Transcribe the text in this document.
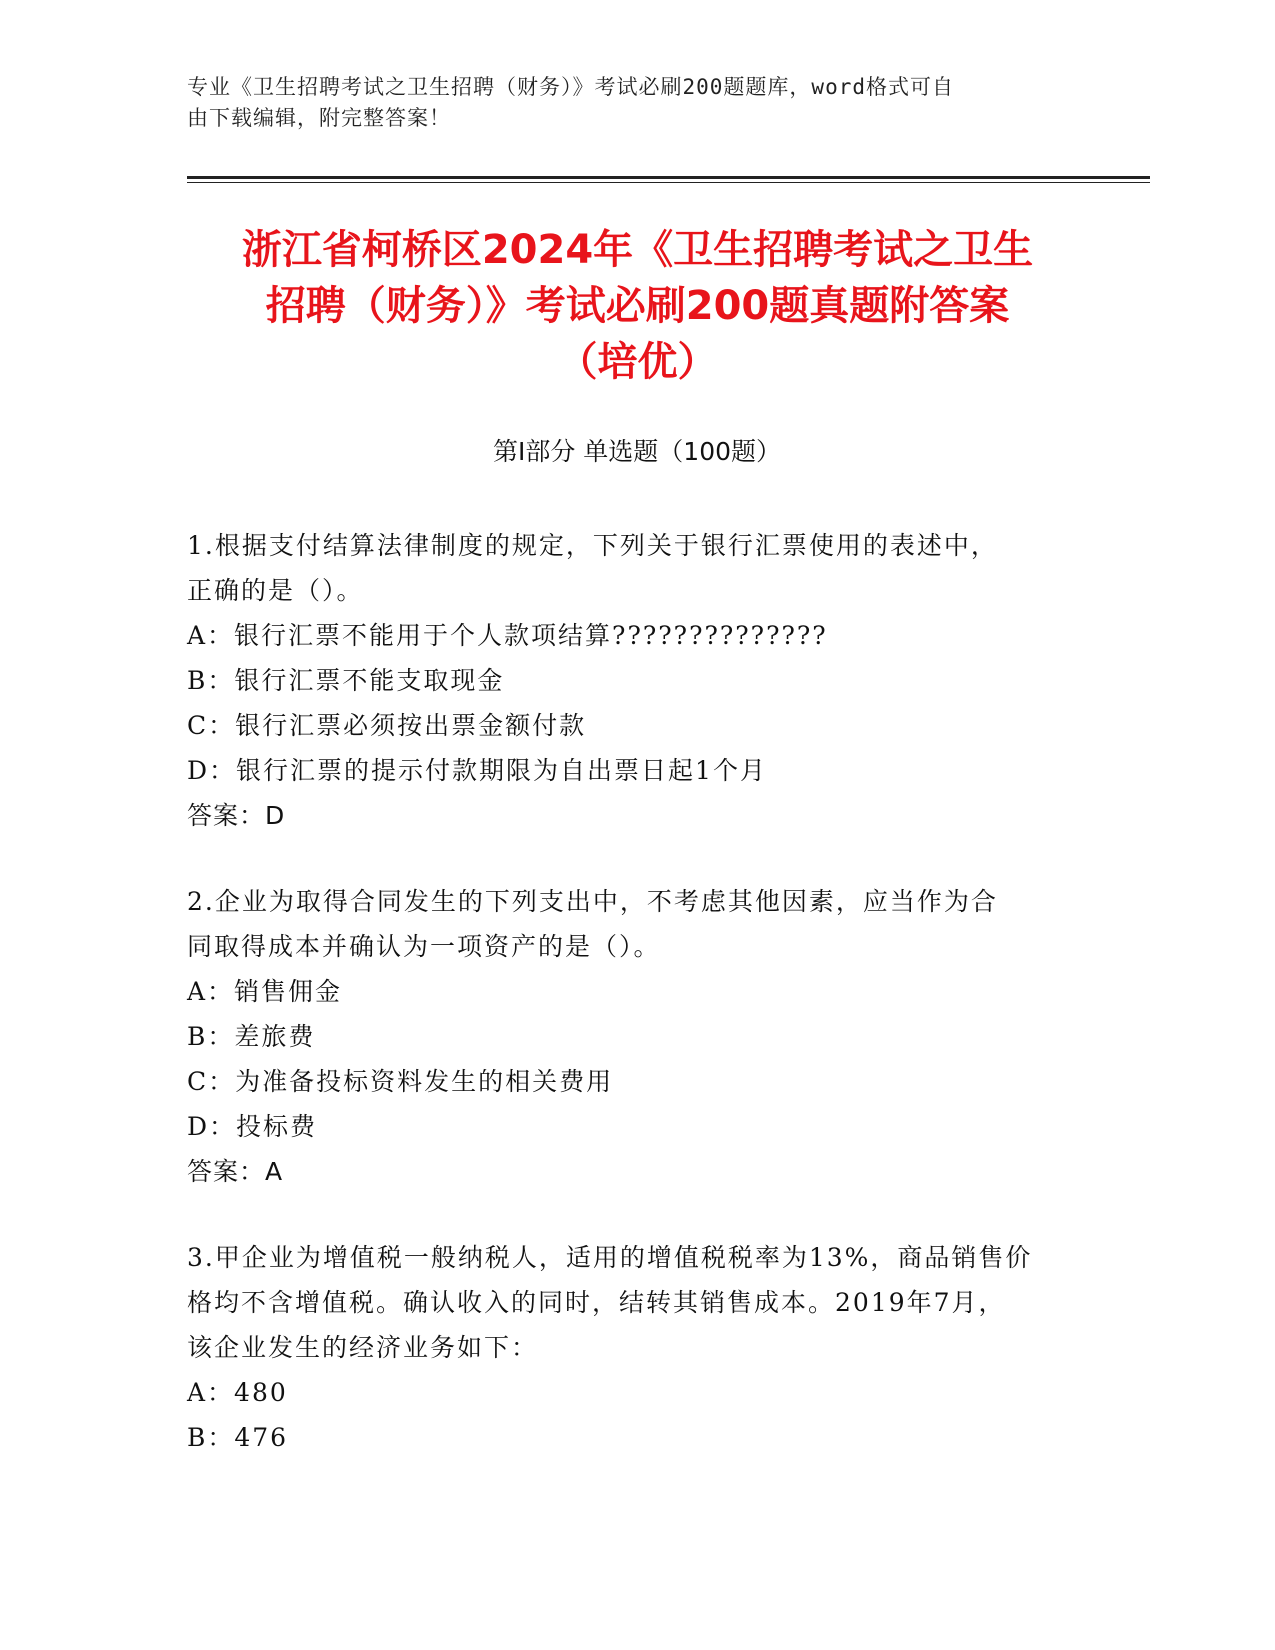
专业《卫生招聘考试之卫生招聘（财务）》考试必刷200题题库，word格式可自
由下载编辑，附完整答案！
浙江省柯桥区2024年《卫生招聘考试之卫生
招聘（财务）》考试必刷200题真题附答案
（培优）
第Ⅰ部分 单选题（100题）
1.根据支付结算法律制度的规定，下列关于银行汇票使用的表述中，
正确的是（）。
A：银行汇票不能用于个人款项结算??????????????
B：银行汇票不能支取现金
C：银行汇票必须按出票金额付款
D：银行汇票的提示付款期限为自出票日起1个月
答案：D
2.企业为取得合同发生的下列支出中，不考虑其他因素，应当作为合
同取得成本并确认为一项资产的是（）。
A：销售佣金
B：差旅费
C：为准备投标资料发生的相关费用
D：投标费
答案：A
3.甲企业为增值税一般纳税人，适用的增值税税率为13%，商品销售价
格均不含增值税。确认收入的同时，结转其销售成本。2019年7月，
该企业发生的经济业务如下：
A：480
B：476
